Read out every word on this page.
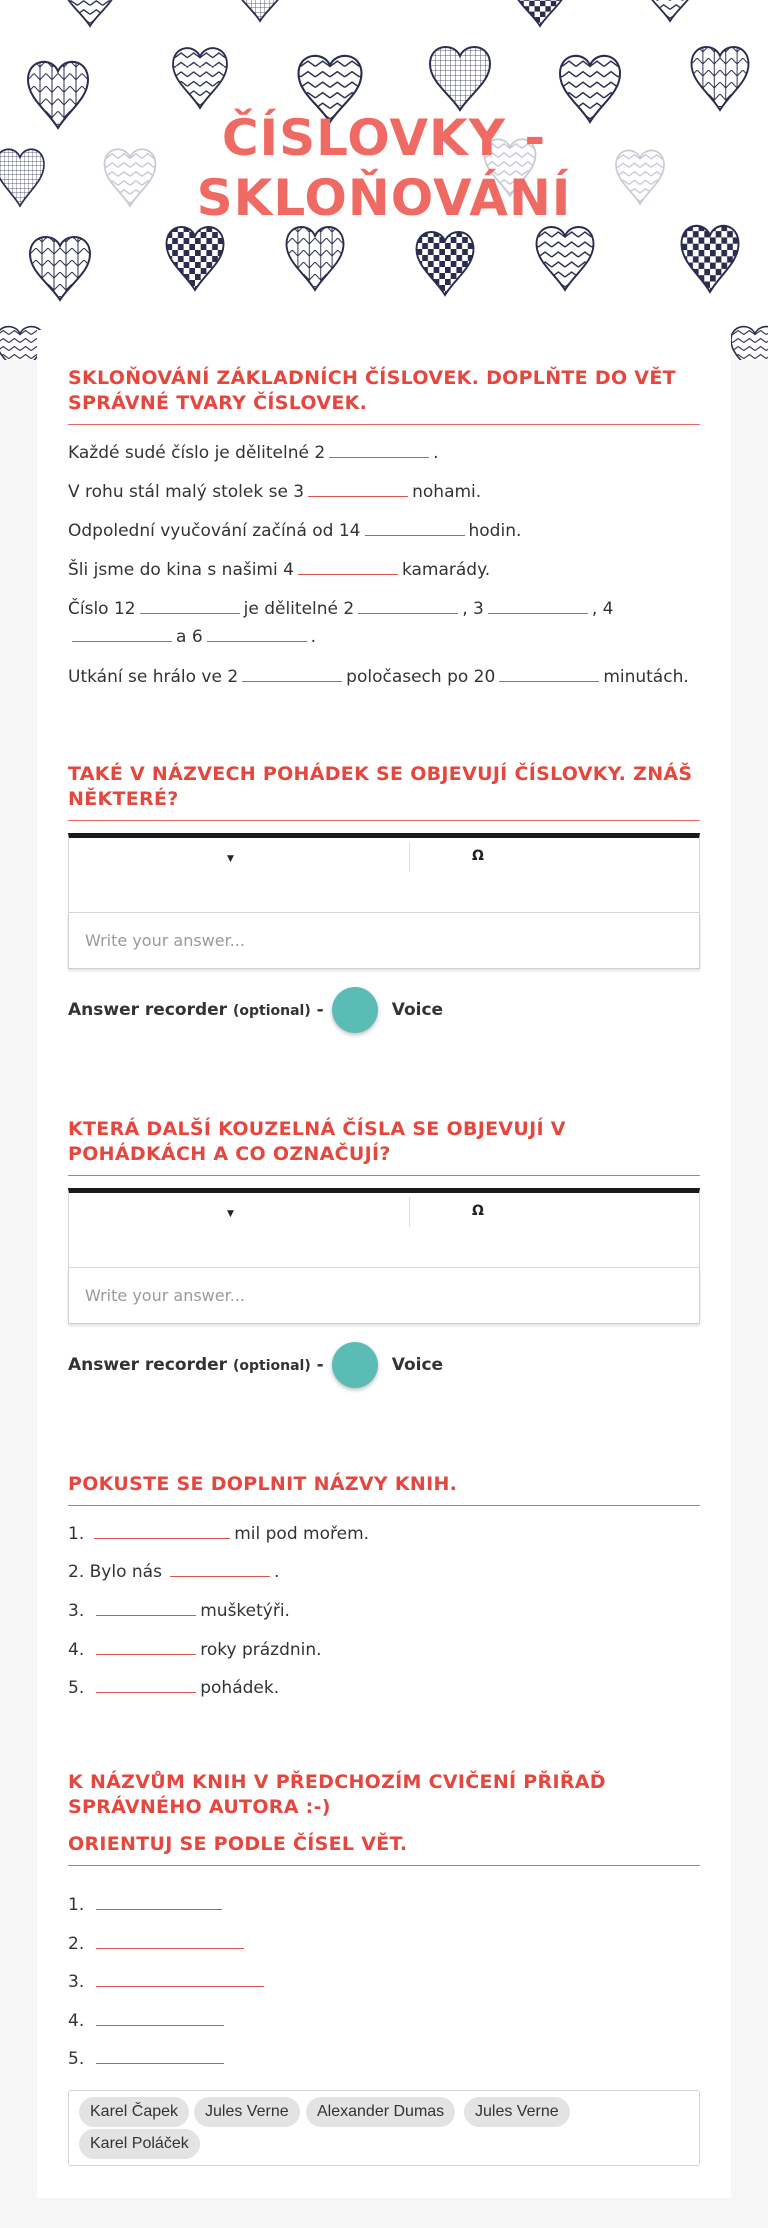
ČÍSLOVKY -
SKLOŇOVÁNÍ
SKLOŇOVÁNÍ ZÁKLADNÍCH ČÍSLOVEK. DOPLŇTE DO VĚT SPRÁVNÉ TVARY ČÍSLOVEK.
Každé sudé číslo je dělitelné 2	.
V rohu stál malý stolek se 3	nohami.
Odpolední vyučování začíná od 14	hodin.
Šli jsme do kina s našimi 4	kamarády.
Číslo 12	je dělitelné 2	, 3	, 4
a 6	.
Utkání se hrálo ve 2	poločasech po 20	minutách.
TAKÉ V NÁZVECH POHÁDEK SE OBJEVUJÍ ČÍSLOVKY. ZNÁŠ NĚKTERÉ?
▼	Ω
Write your answer...
Answer recorder (optional) -	Voice
KTERÁ DALŠÍ KOUZELNÁ ČÍSLA SE OBJEVUJÍ V POHÁDKÁCH A CO OZNAČUJÍ?
▼	Ω
Write your answer...
Answer recorder (optional) -	Voice
POKUSTE SE DOPLNIT NÁZVY KNIH.
1.	mil pod mořem.
2. Bylo nás	.
3.	mušketýři.
4.	roky prázdnin.
5.	pohádek.
K NÁZVŮM KNIH V PŘEDCHOZÍM CVIČENÍ PŘIŘAĎ SPRÁVNÉHO AUTORA :-)
ORIENTUJ SE PODLE ČÍSEL VĚT.
1.
2.
3.
4.
5.
Karel Čapek	Jules Verne	Alexander Dumas	Jules Verne
Karel Poláček
